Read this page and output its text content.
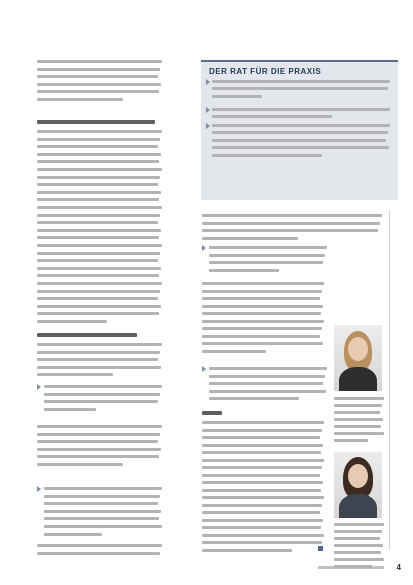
DER RAT FÜR DIE PRAXIS
4
